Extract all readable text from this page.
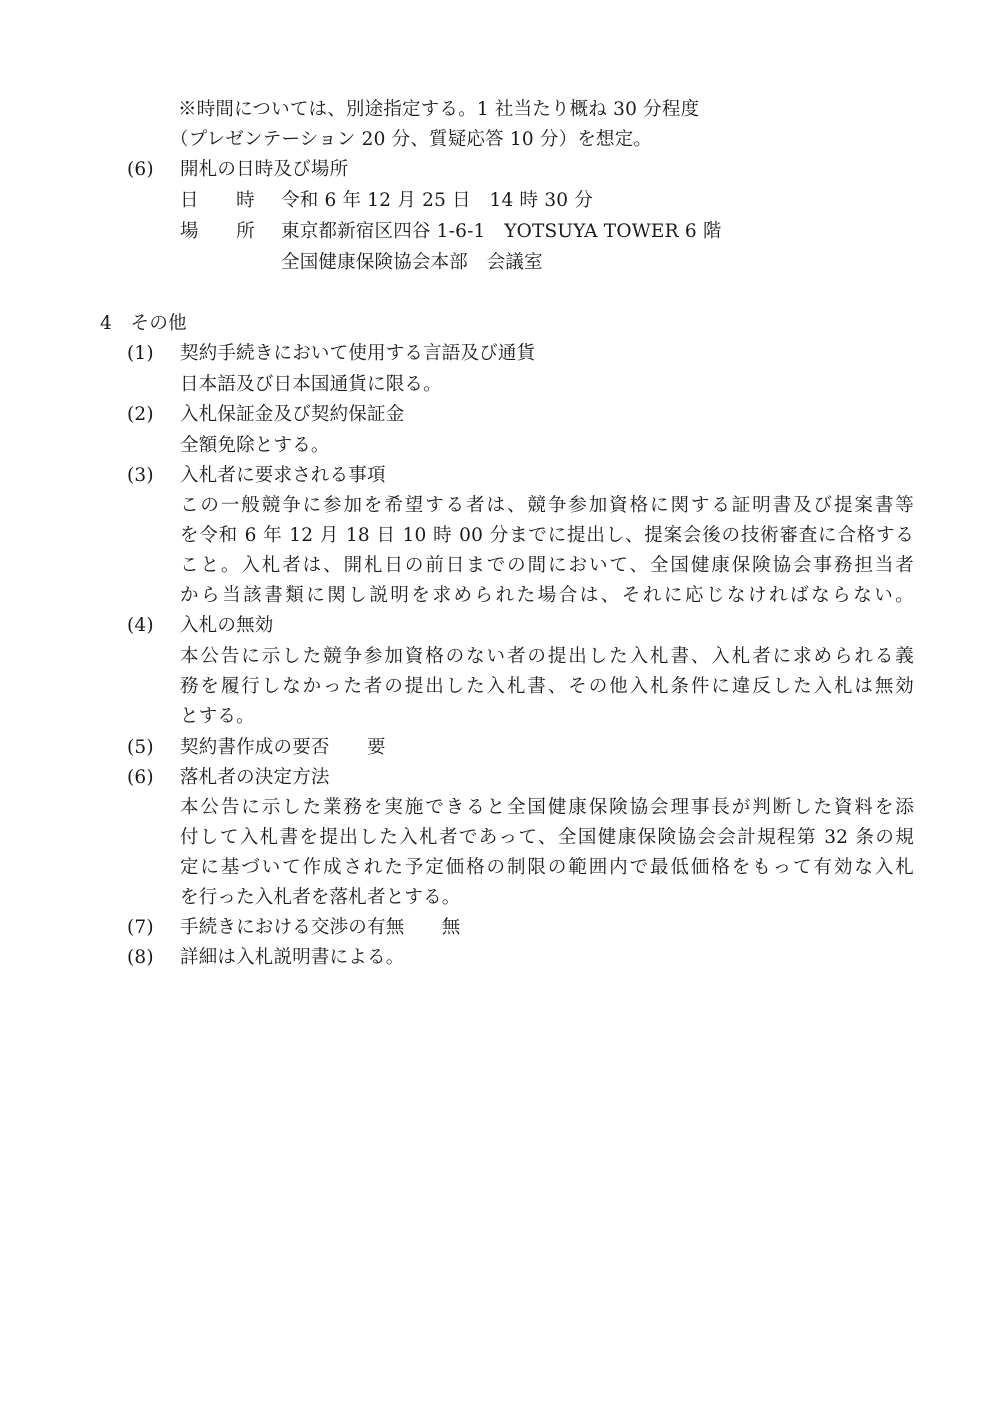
※時間については、別途指定する。1 社当たり概ね 30 分程度
（プレゼンテーション 20 分、質疑応答 10 分）を想定。
(6) 開札の日時及び場所
日　　時 令和 6 年 12 月 25 日　14 時 30 分
場　　所 東京都新宿区四谷 1-6-1　YOTSUYA TOWER 6 階
全国健康保険協会本部　会議室
4　その他
(1) 契約手続きにおいて使用する言語及び通貨
日本語及び日本国通貨に限る。
(2) 入札保証金及び契約保証金
全額免除とする。
(3) 入札者に要求される事項
この一般競争に参加を希望する者は、競争参加資格に関する証明書及び提案書等
を令和 6 年 12 月 18 日 10 時 00 分までに提出し、提案会後の技術審査に合格する
こと。入札者は、開札日の前日までの間において、全国健康保険協会事務担当者
から当該書類に関し説明を求められた場合は、それに応じなければならない。
(4) 入札の無効
本公告に示した競争参加資格のない者の提出した入札書、入札者に求められる義
務を履行しなかった者の提出した入札書、その他入札条件に違反した入札は無効
とする。
(5) 契約書作成の要否　　要
(6) 落札者の決定方法
本公告に示した業務を実施できると全国健康保険協会理事長が判断した資料を添
付して入札書を提出した入札者であって、全国健康保険協会会計規程第 32 条の規
定に基づいて作成された予定価格の制限の範囲内で最低価格をもって有効な入札
を行った入札者を落札者とする。
(7) 手続きにおける交渉の有無　　無
(8) 詳細は入札説明書による。
